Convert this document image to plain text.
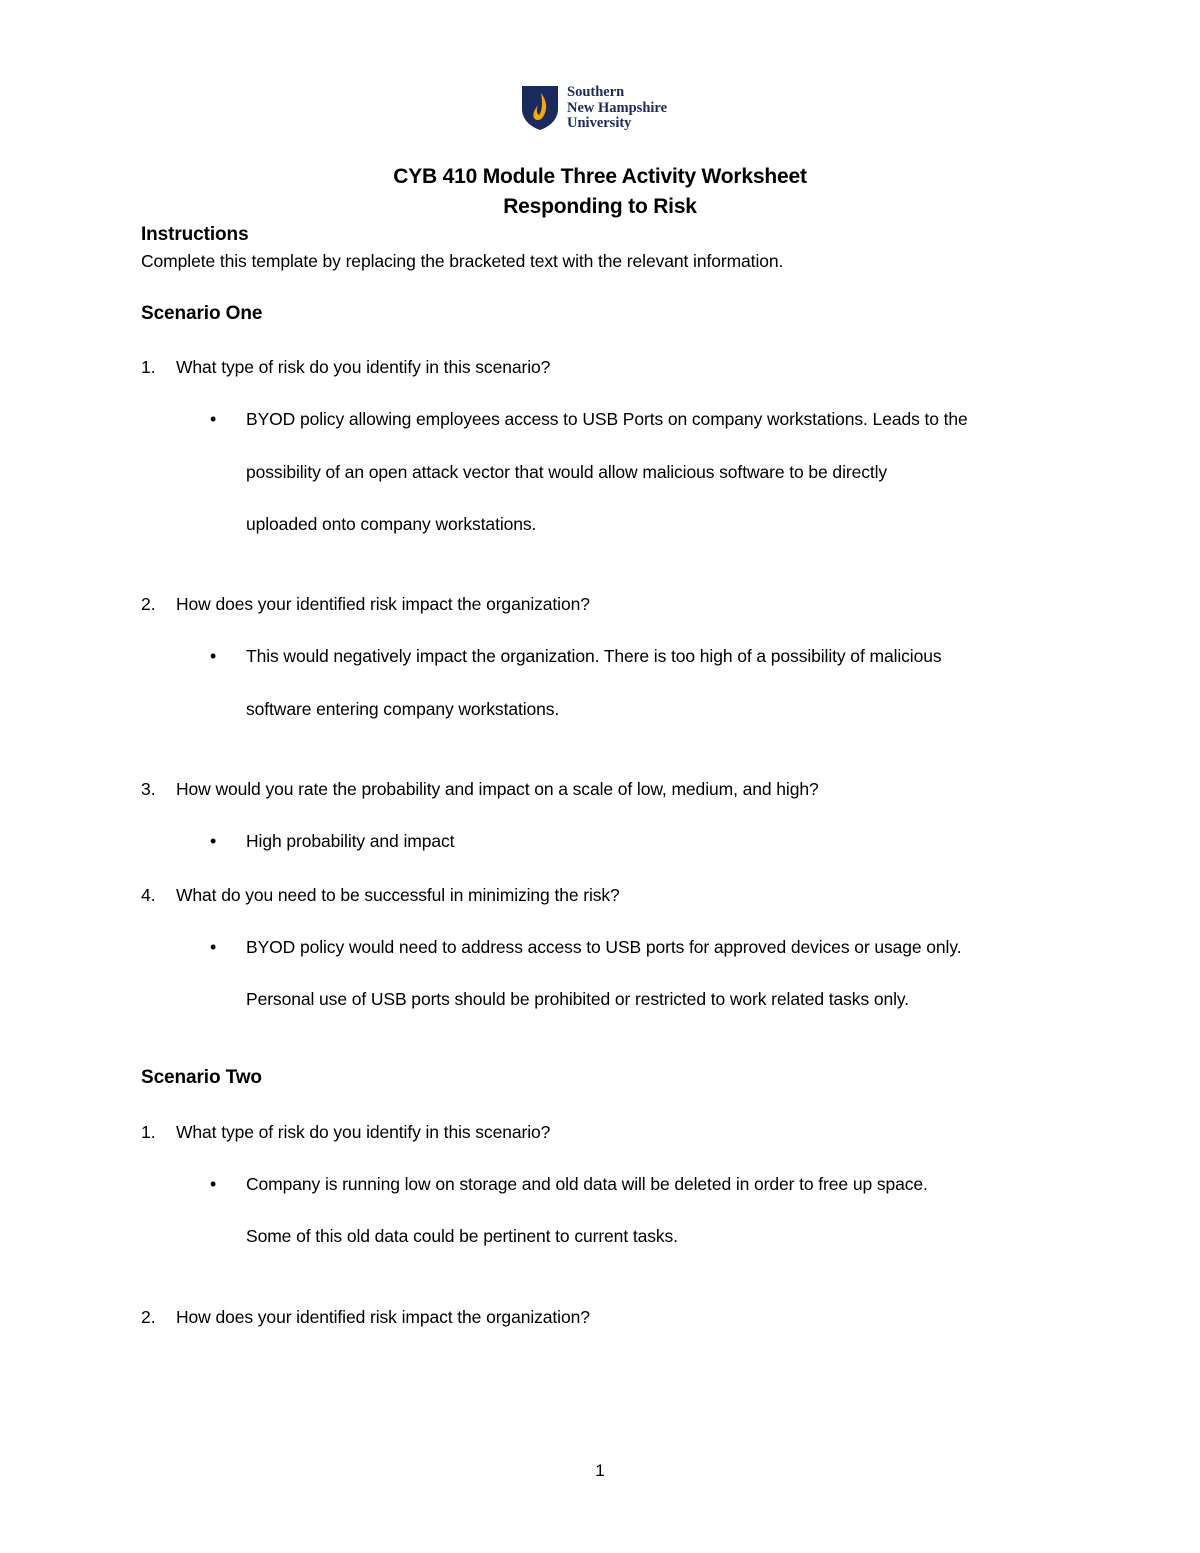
Southern
New Hampshire
University
CYB 410 Module Three Activity Worksheet
Responding to Risk
Instructions
Complete this template by replacing the bracketed text with the relevant information.
Scenario One
1. What type of risk do you identify in this scenario?
• BYOD policy allowing employees access to USB Ports on company workstations. Leads to the
possibility of an open attack vector that would allow malicious software to be directly
uploaded onto company workstations.
2. How does your identified risk impact the organization?
• This would negatively impact the organization. There is too high of a possibility of malicious
software entering company workstations.
3. How would you rate the probability and impact on a scale of low, medium, and high?
• High probability and impact
4. What do you need to be successful in minimizing the risk?
• BYOD policy would need to address access to USB ports for approved devices or usage only.
Personal use of USB ports should be prohibited or restricted to work related tasks only.
Scenario Two
1. What type of risk do you identify in this scenario?
• Company is running low on storage and old data will be deleted in order to free up space.
Some of this old data could be pertinent to current tasks.
2. How does your identified risk impact the organization?
1
